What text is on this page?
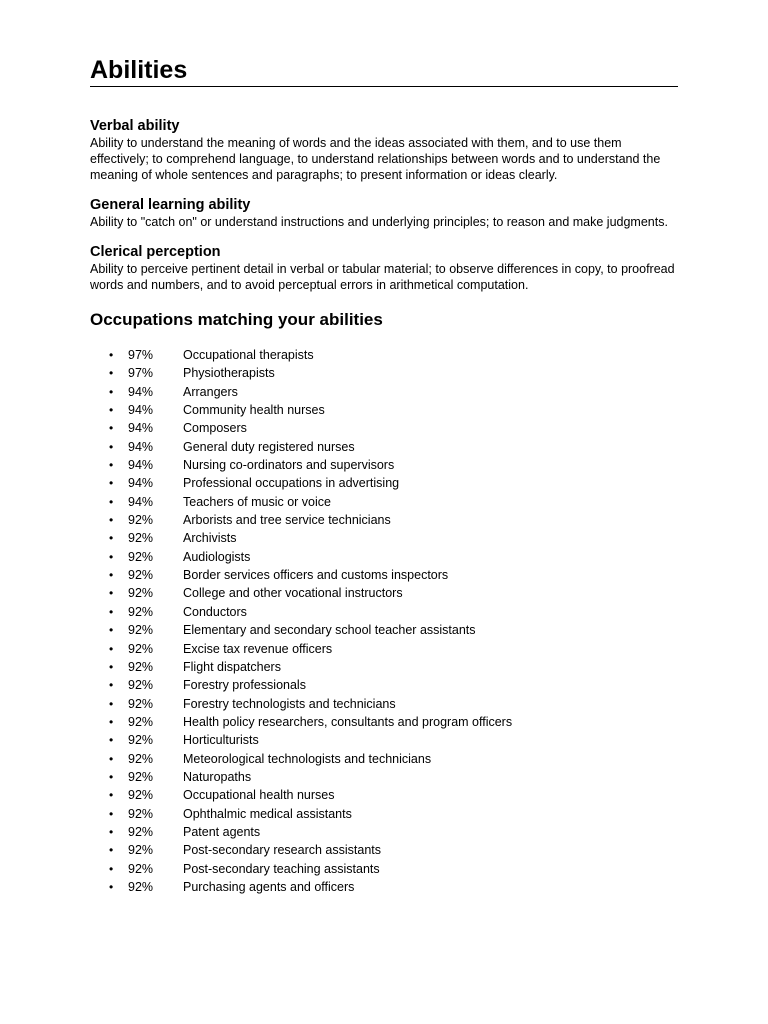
Abilities
Verbal ability

Ability to understand the meaning of words and the ideas associated with them, and to use them effectively; to comprehend language, to understand relationships between words and to understand the meaning of whole sentences and paragraphs; to present information or ideas clearly.

General learning ability

Ability to "catch on" or understand instructions and underlying principles; to reason and make judgments.

Clerical perception

Ability to perceive pertinent detail in verbal or tabular material; to observe differences in copy, to proofread words and numbers, and to avoid perceptual errors in arithmetical computation.

Occupations matching your abilities
•	97%	Occupational therapists
•	97%	Physiotherapists
•	94%	Arrangers
•	94%	Community health nurses
•	94%	Composers
•	94%	General duty registered nurses
•	94%	Nursing co-ordinators and supervisors
•	94%	Professional occupations in advertising
•	94%	Teachers of music or voice
•	92%	Arborists and tree service technicians
•	92%	Archivists
•	92%	Audiologists
•	92%	Border services officers and customs inspectors
•	92%	College and other vocational instructors
•	92%	Conductors
•	92%	Elementary and secondary school teacher assistants
•	92%	Excise tax revenue officers
•	92%	Flight dispatchers
•	92%	Forestry professionals
•	92%	Forestry technologists and technicians
•	92%	Health policy researchers, consultants and program officers
•	92%	Horticulturists
•	92%	Meteorological technologists and technicians
•	92%	Naturopaths
•	92%	Occupational health nurses
•	92%	Ophthalmic medical assistants
•	92%	Patent agents
•	92%	Post-secondary research assistants
•	92%	Post-secondary teaching assistants
•	92%	Purchasing agents and officers
